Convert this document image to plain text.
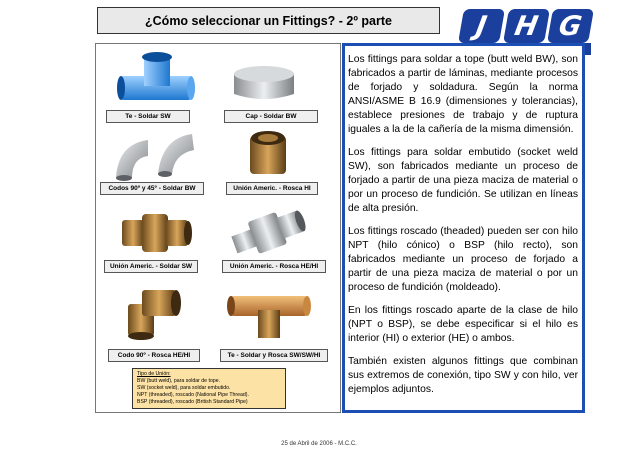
¿Cómo seleccionar un Fittings? - 2º parte	J H G
Te - Soldar SW	Cap - Soldar BW
Codos 90º y 45º - Soldar BW	Unión Americ. - Rosca HI
Unión Americ. - Soldar SW	Unión Americ. - Rosca HE/HI
Codo 90º - Rosca HE/HI	Te - Soldar y Rosca SW/SW/HI
Tipo de Unión:
BW (butt weld), para soldar de tope.
SW (socket weld), para soldar embutido.
NPT (threaded), roscado (National Pipe Thread).
BSP (threaded), roscado (British Standard Pipe)

Los fittings para soldar a tope (butt weld BW), son fabricados a partir de láminas, mediante procesos de forjado y soldadura. Según la norma ANSI/ASME B 16.9 (dimensiones y tolerancias), establece presiones de trabajo y de ruptura iguales a la de la cañería de la misma dimensión.

Los fittings para soldar embutido (socket weld SW), son fabricados mediante un proceso de forjado a partir de una pieza maciza de material o por un proceso de fundición. Se utilizan en líneas de alta presión.

Los fittings roscado (theaded) pueden ser con hilo NPT (hilo cónico) o BSP (hilo recto), son fabricados mediante un proceso de forjado a partir de una pieza maciza de material o por un proceso de fundición (moldeado).

En los fittings roscado aparte de la clase de hilo (NPT o BSP), se debe especificar si el hilo es interior (HI) o exterior (HE) o ambos.

También existen algunos fittings que combinan sus extremos de conexión, tipo SW y con hilo, ver ejemplos adjuntos.

25 de Abril de 2006 - M.C.C.
